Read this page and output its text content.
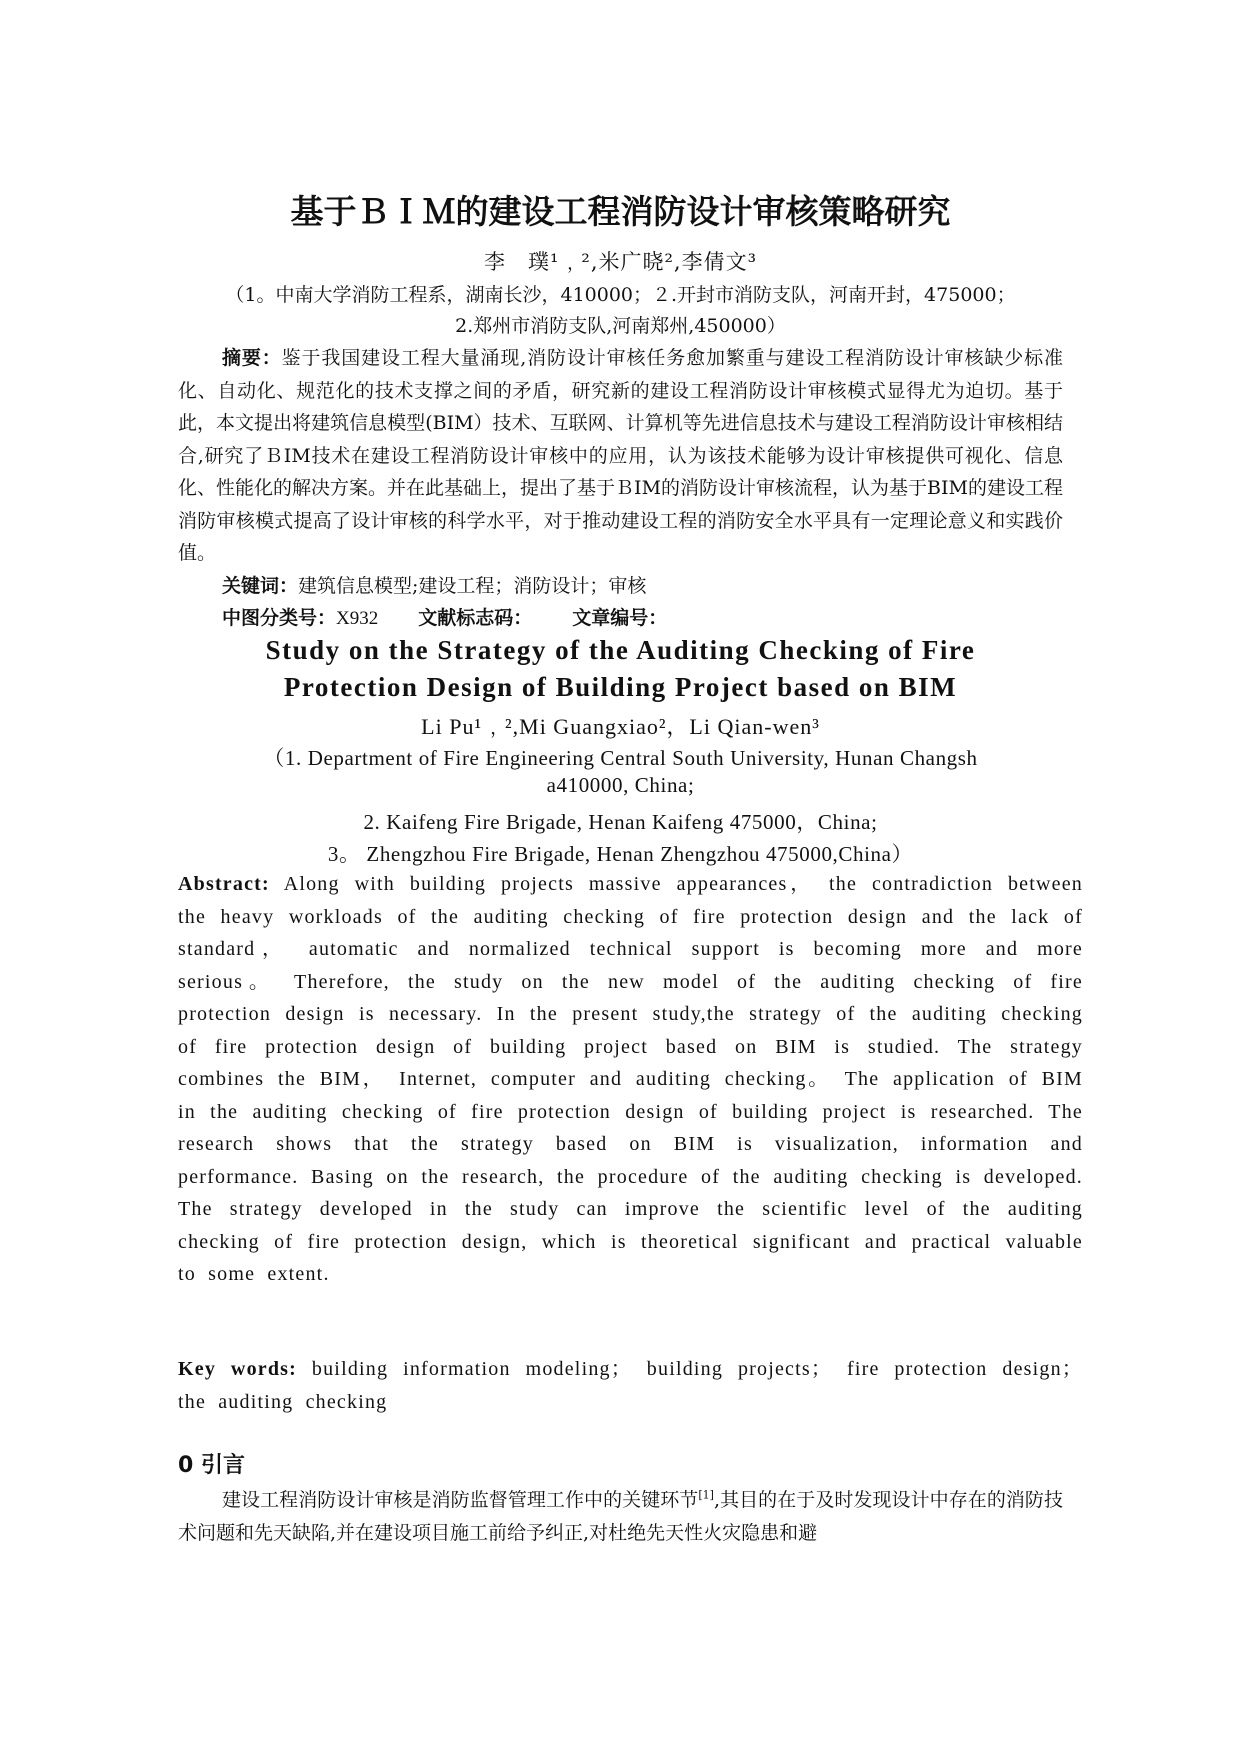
基于ＢＩＭ的建设工程消防设计审核策略研究
李　璞¹﹐²,米广晓²,李倩文³
（1。中南大学消防工程系，湖南长沙，410000；２.开封市消防支队，河南开封，475000；
2.郑州市消防支队,河南郑州,450000）
摘要：鉴于我国建设工程大量涌现,消防设计审核任务愈加繁重与建设工程消防设计审核缺少标准化、自动化、规范化的技术支撑之间的矛盾，研究新的建设工程消防设计审核模式显得尤为迫切。基于此，本文提出将建筑信息模型(BIM）技术、互联网、计算机等先进信息技术与建设工程消防设计审核相结合,研究了ＢIM技术在建设工程消防设计审核中的应用，认为该技术能够为设计审核提供可视化、信息化、性能化的解决方案。并在此基础上，提出了基于ＢIM的消防设计审核流程，认为基于BIM的建设工程消防审核模式提高了设计审核的科学水平，对于推动建设工程的消防安全水平具有一定理论意义和实践价值。
关键词：建筑信息模型;建设工程；消防设计；审核
中图分类号：X932 文献标志码： 文章编号：
Study on the Strategy of the Auditing Checking of Fire
Protection Design of Building Project based on BIM
Li Pu¹﹐²,Mi Guangxiao²，Li Qian-wen³
（1. Department of Fire Engineering Central South University, Hunan Changsh
a410000, China;
2. Kaifeng Fire Brigade, Henan Kaifeng 475000，China;
3。 Zhengzhou Fire Brigade, Henan Zhengzhou 475000,China）
Abstract: Along with building projects massive appearances， the contradiction between the heavy workloads of the auditing checking of fire protection design and the lack of standard， automatic and normalized technical support is becoming more and more serious。 Therefore, the study on the new model of the auditing checking of fire protection design is necessary. In the present study,the strategy of the auditing checking of fire protection design of building project based on BIM is studied. The strategy combines the BIM， Internet, computer and auditing checking。 The application of BIM in the auditing checking of fire protection design of building project is researched. The research shows that the strategy based on BIM is visualization, information and performance. Basing on the research, the procedure of the auditing checking is developed. The strategy developed in the study can improve the scientific level of the auditing checking of fire protection design, which is theoretical significant and practical valuable to some extent.
Key words: building information modeling； building projects； fire protection design； the auditing checking
0 引言
建设工程消防设计审核是消防监督管理工作中的关键环节[1],其目的在于及时发现设计中存在的消防技术问题和先天缺陷,并在建设项目施工前给予纠正,对杜绝先天性火灾隐患和避
